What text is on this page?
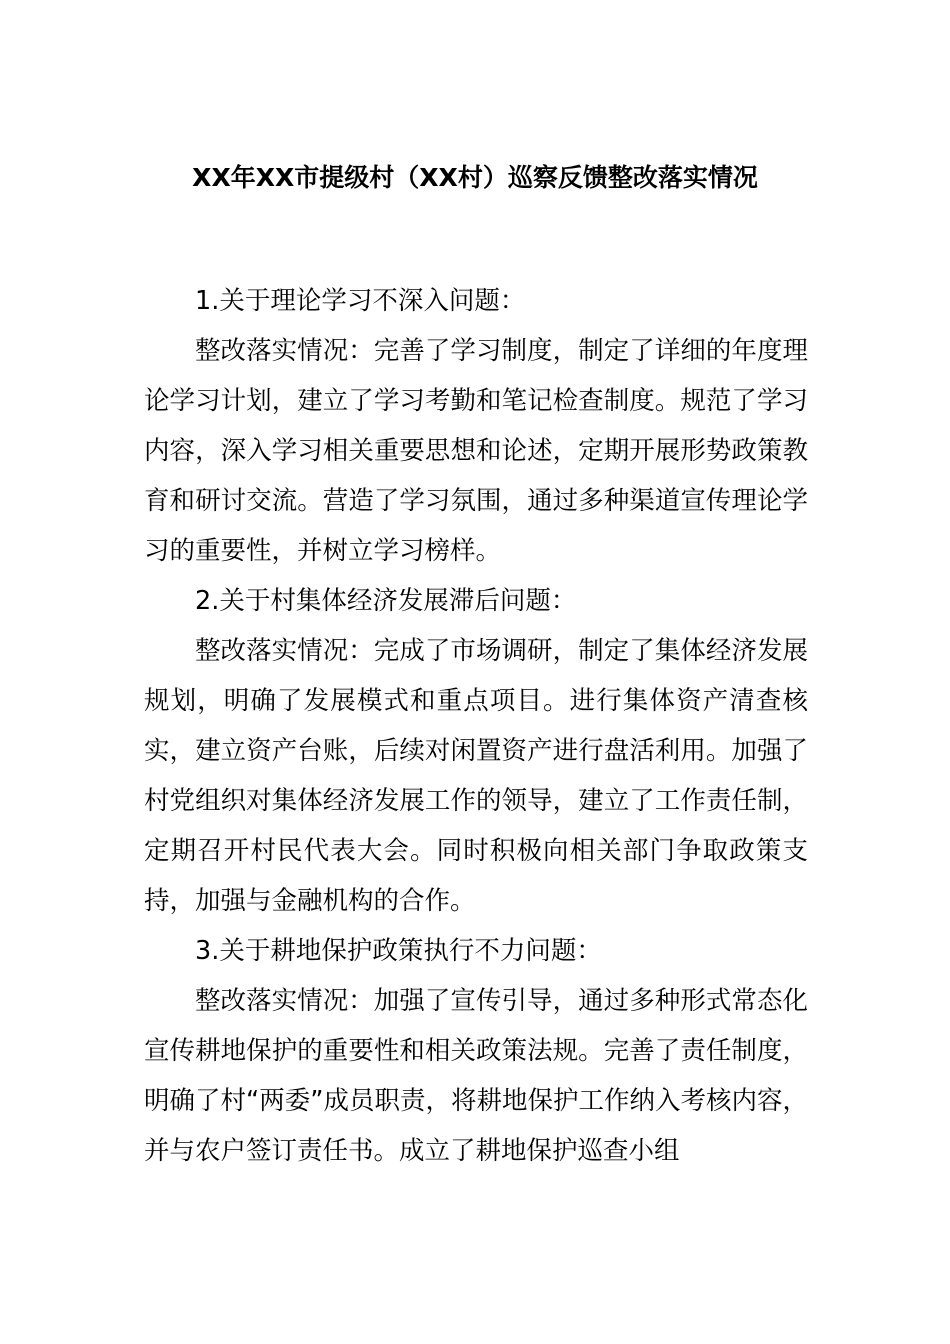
XX年XX市提级村（XX村）巡察反馈整改落实情况

1.关于理论学习不深入问题：

整改落实情况：完善了学习制度，制定了详细的年度理论学习计划，建立了学习考勤和笔记检查制度。规范了学习内容，深入学习相关重要思想和论述，定期开展形势政策教育和研讨交流。营造了学习氛围，通过多种渠道宣传理论学习的重要性，并树立学习榜样。

2.关于村集体经济发展滞后问题：

整改落实情况：完成了市场调研，制定了集体经济发展规划，明确了发展模式和重点项目。进行集体资产清查核实，建立资产台账，后续对闲置资产进行盘活利用。加强了村党组织对集体经济发展工作的领导，建立了工作责任制，定期召开村民代表大会。同时积极向相关部门争取政策支持，加强与金融机构的合作。

3.关于耕地保护政策执行不力问题：

整改落实情况：加强了宣传引导，通过多种形式常态化宣传耕地保护的重要性和相关政策法规。完善了责任制度，明确了村“两委”成员职责，将耕地保护工作纳入考核内容，并与农户签订责任书。成立了耕地保护巡查小组
